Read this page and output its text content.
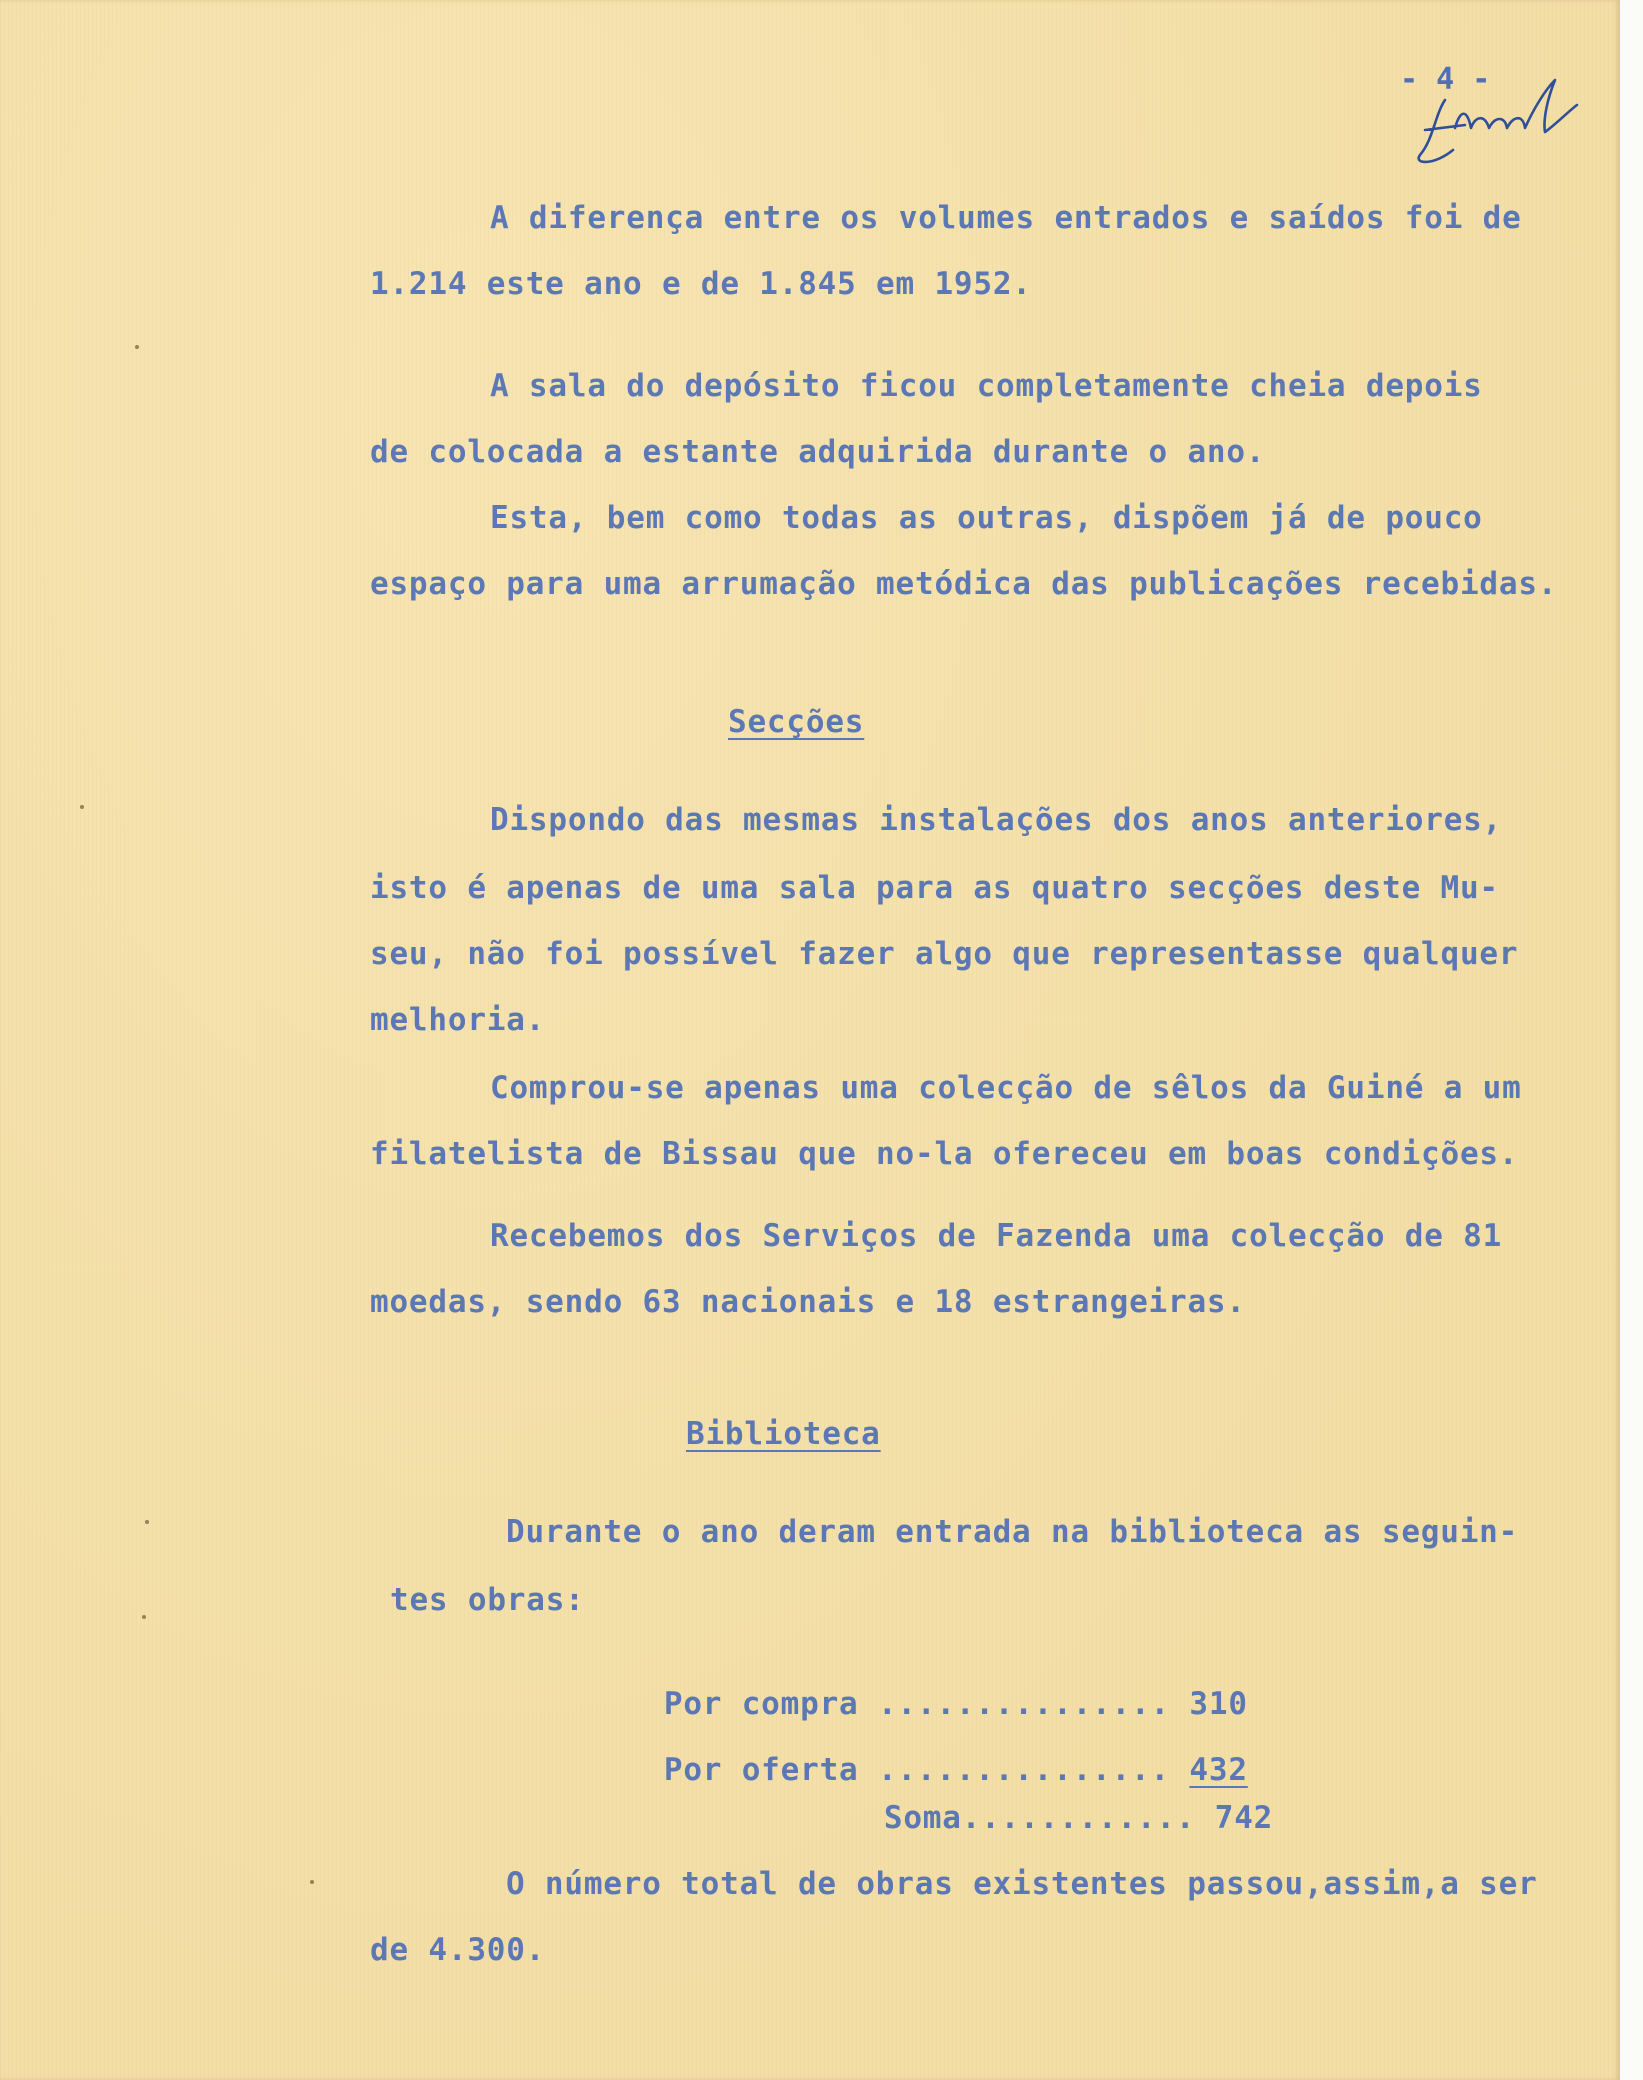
- 4 -
A diferença entre os volumes entrados e saídos foi de
1.214 este ano e de 1.845 em 1952.
A sala do depósito ficou completamente cheia depois
de colocada a estante adquirida durante o ano.
Esta, bem como todas as outras, dispõem já de pouco
espaço para uma arrumação metódica das publicações recebidas.
Secções
Dispondo das mesmas instalações dos anos anteriores,
isto é apenas de uma sala para as quatro secções deste Mu-
seu, não foi possível fazer algo que representasse qualquer
melhoria.
Comprou-se apenas uma colecção de sêlos da Guiné a um
filatelista de Bissau que no-la ofereceu em boas condições.
Recebemos dos Serviços de Fazenda uma colecção de 81
moedas, sendo 63 nacionais e 18 estrangeiras.
Biblioteca
Durante o ano deram entrada na biblioteca as seguin-
tes obras:

Por compra ............... 310

Por oferta ............... 432

Soma............ 742

O número total de obras existentes passou,assim,a ser
de 4.300.
